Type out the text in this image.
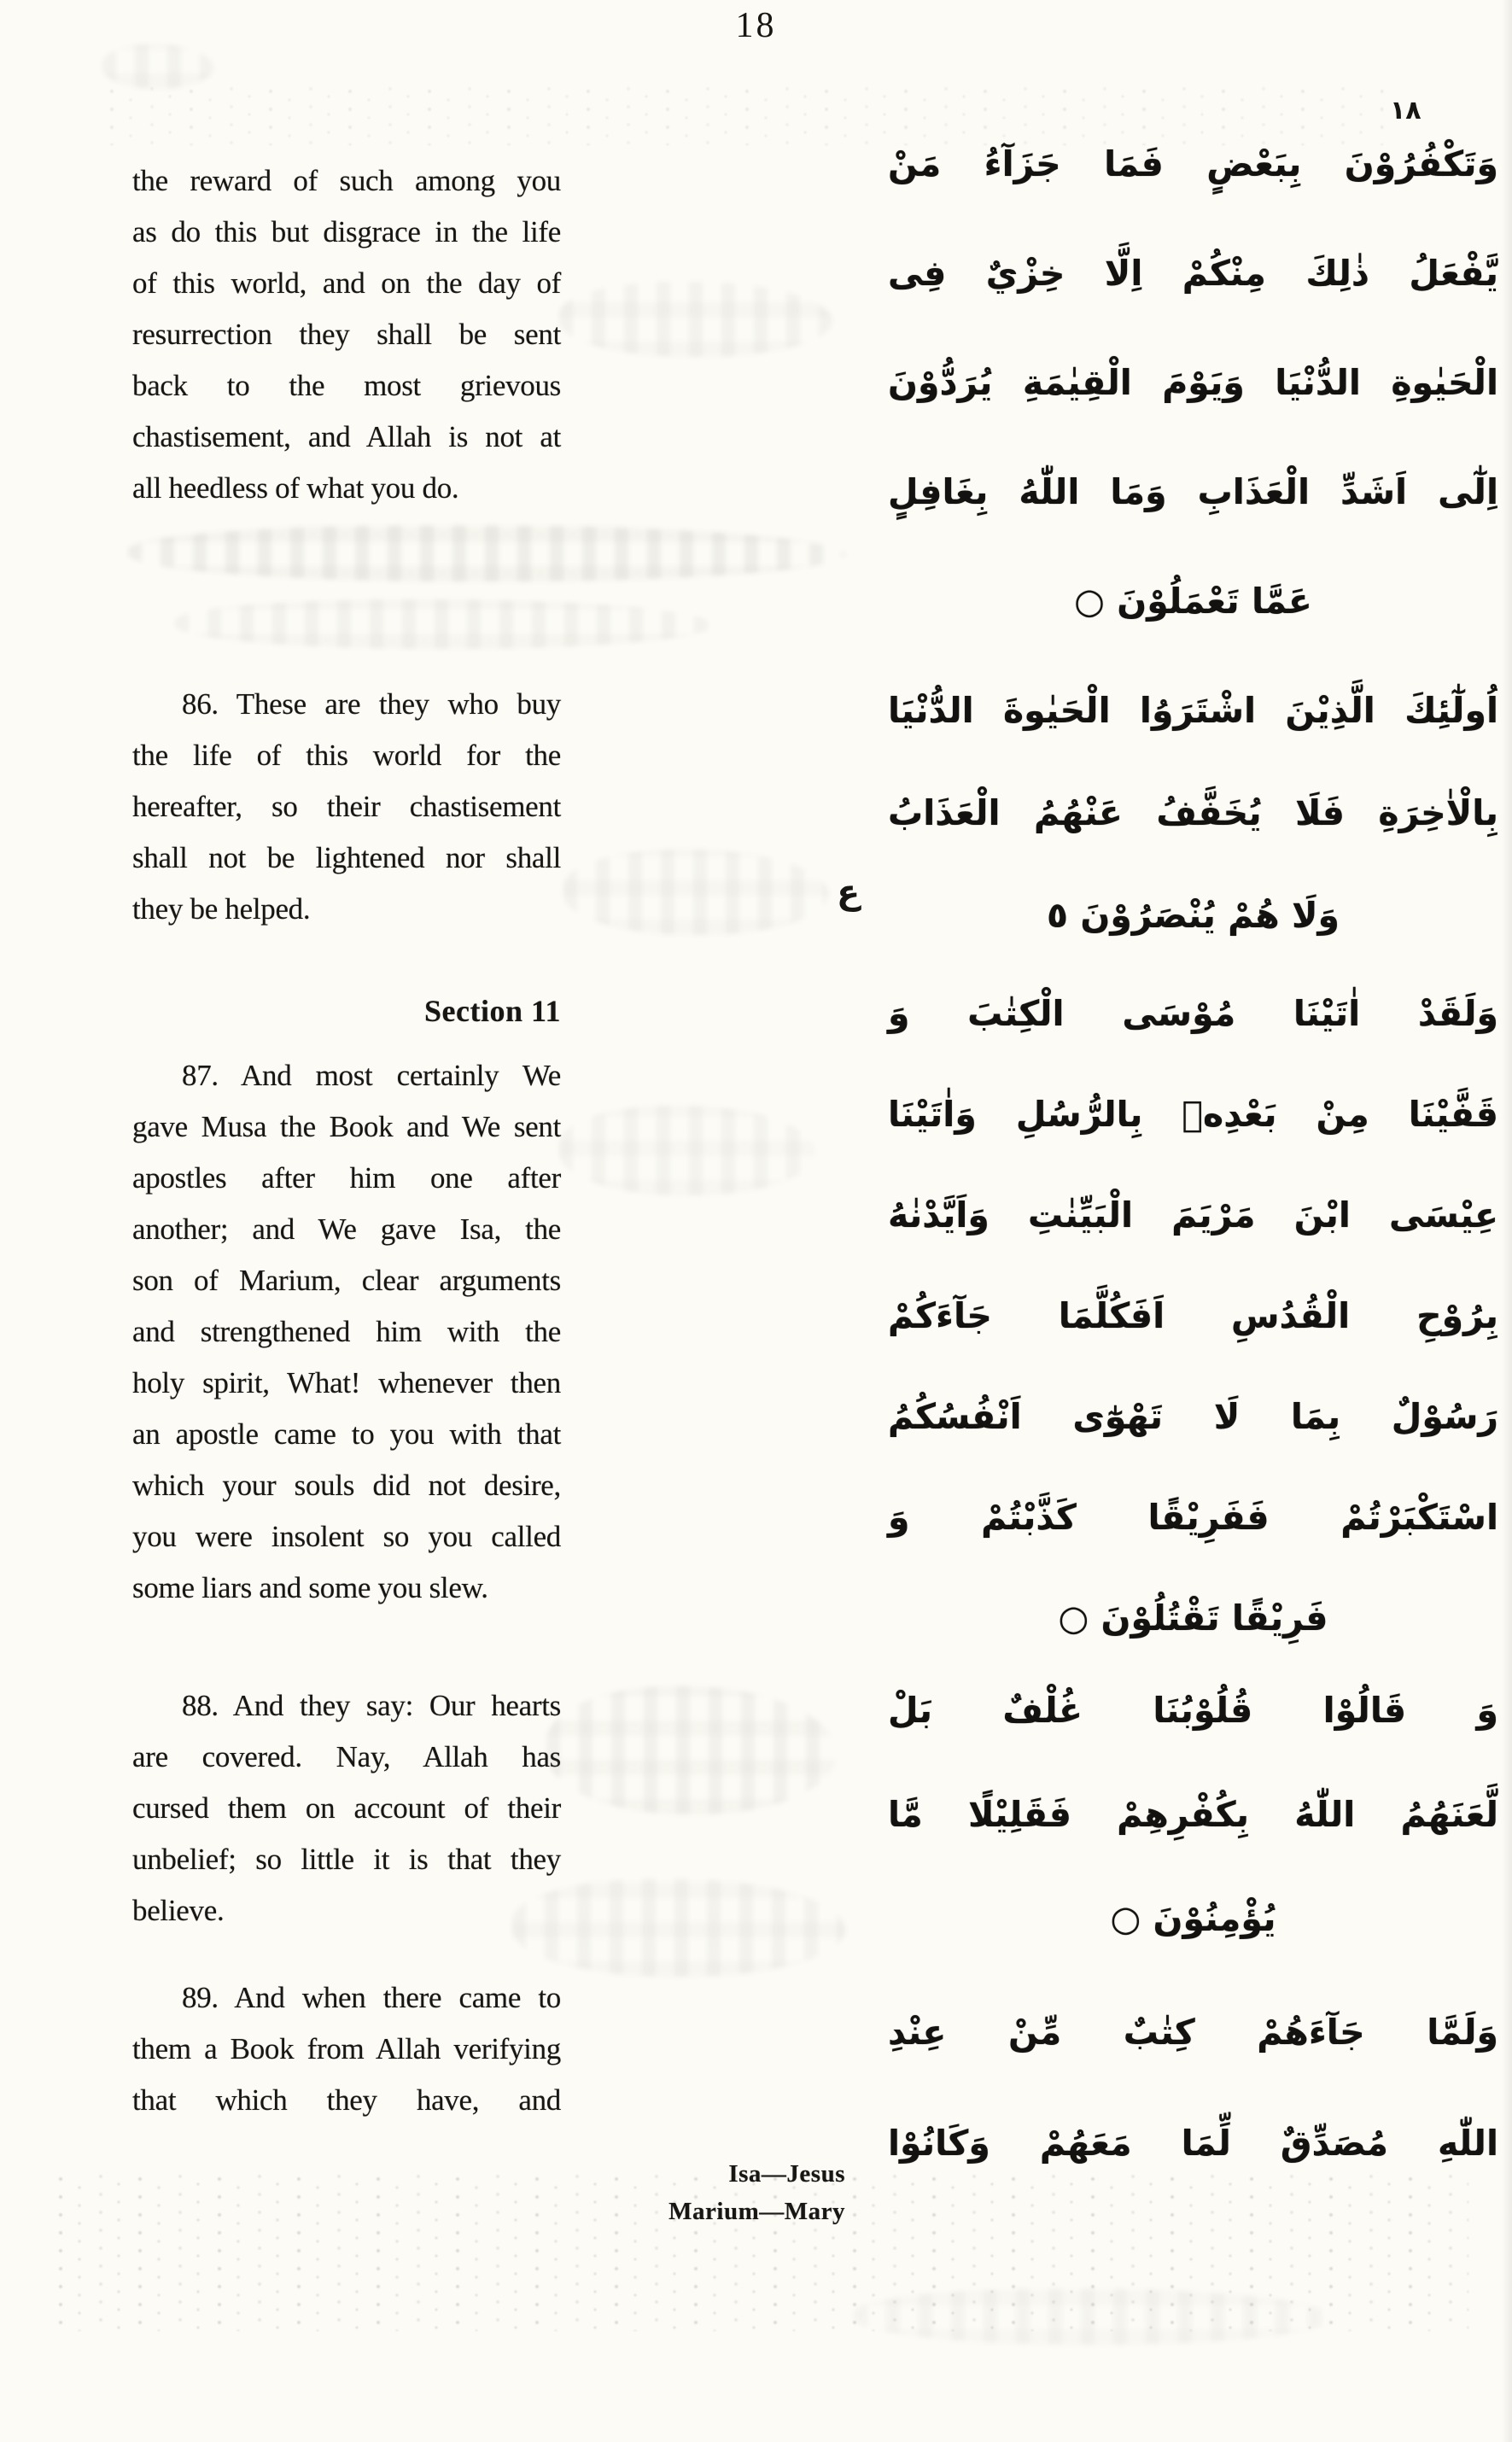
18
the reward of such among you
as do this but disgrace in the life
of this world, and on the day of
resurrection they shall be sent
back to the most grievous
chastisement, and Allah is not at
all heedless of what you do.
86. These are they who buy
the life of this world for the
hereafter, so their chastisement
shall not be lightened nor shall
they be helped.
Section 11
87. And most certainly We
gave Musa the Book and We sent
apostles after him one after
another; and We gave Isa, the
son of Marium, clear arguments
and strengthened him with the
holy spirit, What! whenever then
an apostle came to you with that
which your souls did not desire,
you were insolent so you called
some liars and some you slew.
88. And they say: Our hearts
are covered. Nay, Allah has
cursed them on account of their
unbelief; so little it is that they
believe.
89. And when there came to
them a Book from Allah verifying
that which they have, and
١٨
وَتَكْفُرُوْنَ بِبَعْضٍ فَمَا جَزَآءُ مَنْ
يَّفْعَلُ ذٰلِكَ مِنْكُمْ اِلَّا خِزْيٌ فِى
الْحَيٰوةِ الدُّنْيَا وَيَوْمَ الْقِيٰمَةِ يُرَدُّوْنَ
اِلٰٓى اَشَدِّ الْعَذَابِ وَمَا اللّٰهُ بِغَافِلٍ
عَمَّا تَعْمَلُوْنَ ○
اُولٰٓئِكَ الَّذِيْنَ اشْتَرَوُا الْحَيٰوةَ الدُّنْيَا
بِالْاٰخِرَةِ فَلَا يُخَفَّفُ عَنْهُمُ الْعَذَابُ
وَلَا هُمْ يُنْصَرُوْنَ ٥
ع
وَلَقَدْ اٰتَيْنَا مُوْسَى الْكِتٰبَ وَ
قَفَّيْنَا مِنْ بَعْدِهٖ بِالرُّسُلِ وَاٰتَيْنَا
عِيْسَى ابْنَ مَرْيَمَ الْبَيِّنٰتِ وَاَيَّدْنٰهُ
بِرُوْحِ الْقُدُسِ اَفَكُلَّمَا جَآءَكُمْ
رَسُوْلٌ بِمَا لَا تَهْوٰٓى اَنْفُسُكُمُ
اسْتَكْبَرْتُمْ فَفَرِيْقًا كَذَّبْتُمْ وَ
فَرِيْقًا تَقْتُلُوْنَ ○
وَ قَالُوْا قُلُوْبُنَا غُلْفٌ بَلْ
لَّعَنَهُمُ اللّٰهُ بِكُفْرِهِمْ فَقَلِيْلًا مَّا
يُؤْمِنُوْنَ ○
وَلَمَّا جَآءَهُمْ كِتٰبٌ مِّنْ عِنْدِ
اللّٰهِ مُصَدِّقٌ لِّمَا مَعَهُمْ وَكَانُوْا
Isa—Jesus
Marium—Mary
